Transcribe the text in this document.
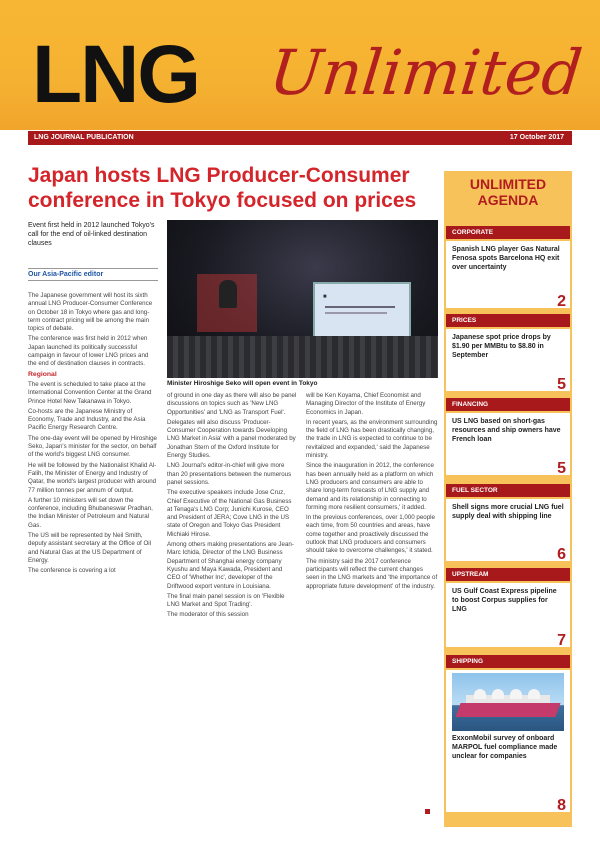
LNG Unlimited
LNG JOURNAL PUBLICATION	17 October 2017
Japan hosts LNG Producer-Consumer conference in Tokyo focused on prices
Event first held in 2012 launched Tokyo's call for the end of oil-linked destination clauses
Our Asia-Pacific editor

The Japanese government will host its sixth annual LNG Producer-Consumer Conference on October 18 in Tokyo where gas and long-term contract pricing will be among the main topics of debate.

The conference was first held in 2012 when Japan launched its politically successful campaign in favour of lower LNG prices and the end of destination clauses in contracts.

Regional

The event is scheduled to take place at the International Convention Center at the Grand Prince Hotel New Takanawa in Tokyo.

Co-hosts are the Japanese Ministry of Economy, Trade and Industry, and the Asia Pacific Energy Research Centre.

The one-day event will be opened by Hiroshige Seko, Japan's minister for the sector, on behalf of the world's biggest LNG consumer.

He will be followed by the Nationalist Khalid Al-Falih, the Minister of Energy and Industry of Qatar, the world's largest producer with around 77 million tonnes per annum of output.

A further 10 ministers will set down the conference, including Bhubaneswar Pradhan, the Indian Minister of Petroleum and Natural Gas.

The US will be represented by Neil Smith, deputy assistant secretary at the Office of Oil and Natural Gas at the US Department of Energy.

The conference is covering a lot

■
Minister Hiroshige Seko will open event in Tokyo

of ground in one day as there will also be panel discussions on topics such as 'New LNG Opportunities' and 'LNG as Transport Fuel'.

Delegates will also discuss 'Producer-Consumer Cooperation towards Developing LNG Market in Asia' with a panel moderated by Jonathan Stern of the Oxford Institute for Energy Studies.

LNG Journal's editor-in-chief will give more than 20 presentations between the numerous panel sessions.

The executive speakers include Jose Cruz, Chief Executive of the National Gas Business at Tenaga's LNG Corp; Junichi Kurose, CEO and President of JERA; Cove LNG in the US state of Oregon and Tokyo Gas President Michiaki Hirose.

Among others making presentations are Jean-Marc Ichida, Director of the LNG Business Department of Shanghai energy company Kyushu and Maya Kawada, President and CEO of 'Whether Inc', developer of the Driftwood export venture in Louisiana.

The final main panel session is on 'Flexible LNG Market and Spot Trading'.

The moderator of this session

will be Ken Koyama, Chief Economist and Managing Director of the Institute of Energy Economics in Japan.

In recent years, as the environment surrounding the field of LNG has been drastically changing, the trade in LNG is expected to continue to be revitalized and expanded,' said the Japanese ministry.

Since the inauguration in 2012, the conference has been annually held as a platform on which LNG producers and consumers are able to share long-term forecasts of LNG supply and demand and its relationship in connecting to forming more resilient consumers,' it added.

In the previous conferences, over 1,000 people each time, from 50 countries and areas, have come together and proactively discussed the outlook that LNG producers and consumers should take to overcome challenges,' it stated.

The ministry said the 2017 conference participants will reflect the current changes seen in the LNG markets and 'the importance of appropriate future development' of the industry.

UNLIMITED
AGENDA
CORPORATE
Spanish LNG player Gas Natural Fenosa spots Barcelona HQ exit over uncertainty
2
PRICES
Japanese spot price drops by $1.90 per MMBtu to $8.80 in September
5
FINANCING
US LNG based on short-gas resources and ship owners have French loan
5
FUEL SECTOR
Shell signs more crucial LNG fuel supply deal with shipping line
6
UPSTREAM
US Gulf Coast Express pipeline to boost Corpus supplies for LNG
7
SHIPPING
ExxonMobil survey of onboard MARPOL fuel compliance made unclear for companies
8
